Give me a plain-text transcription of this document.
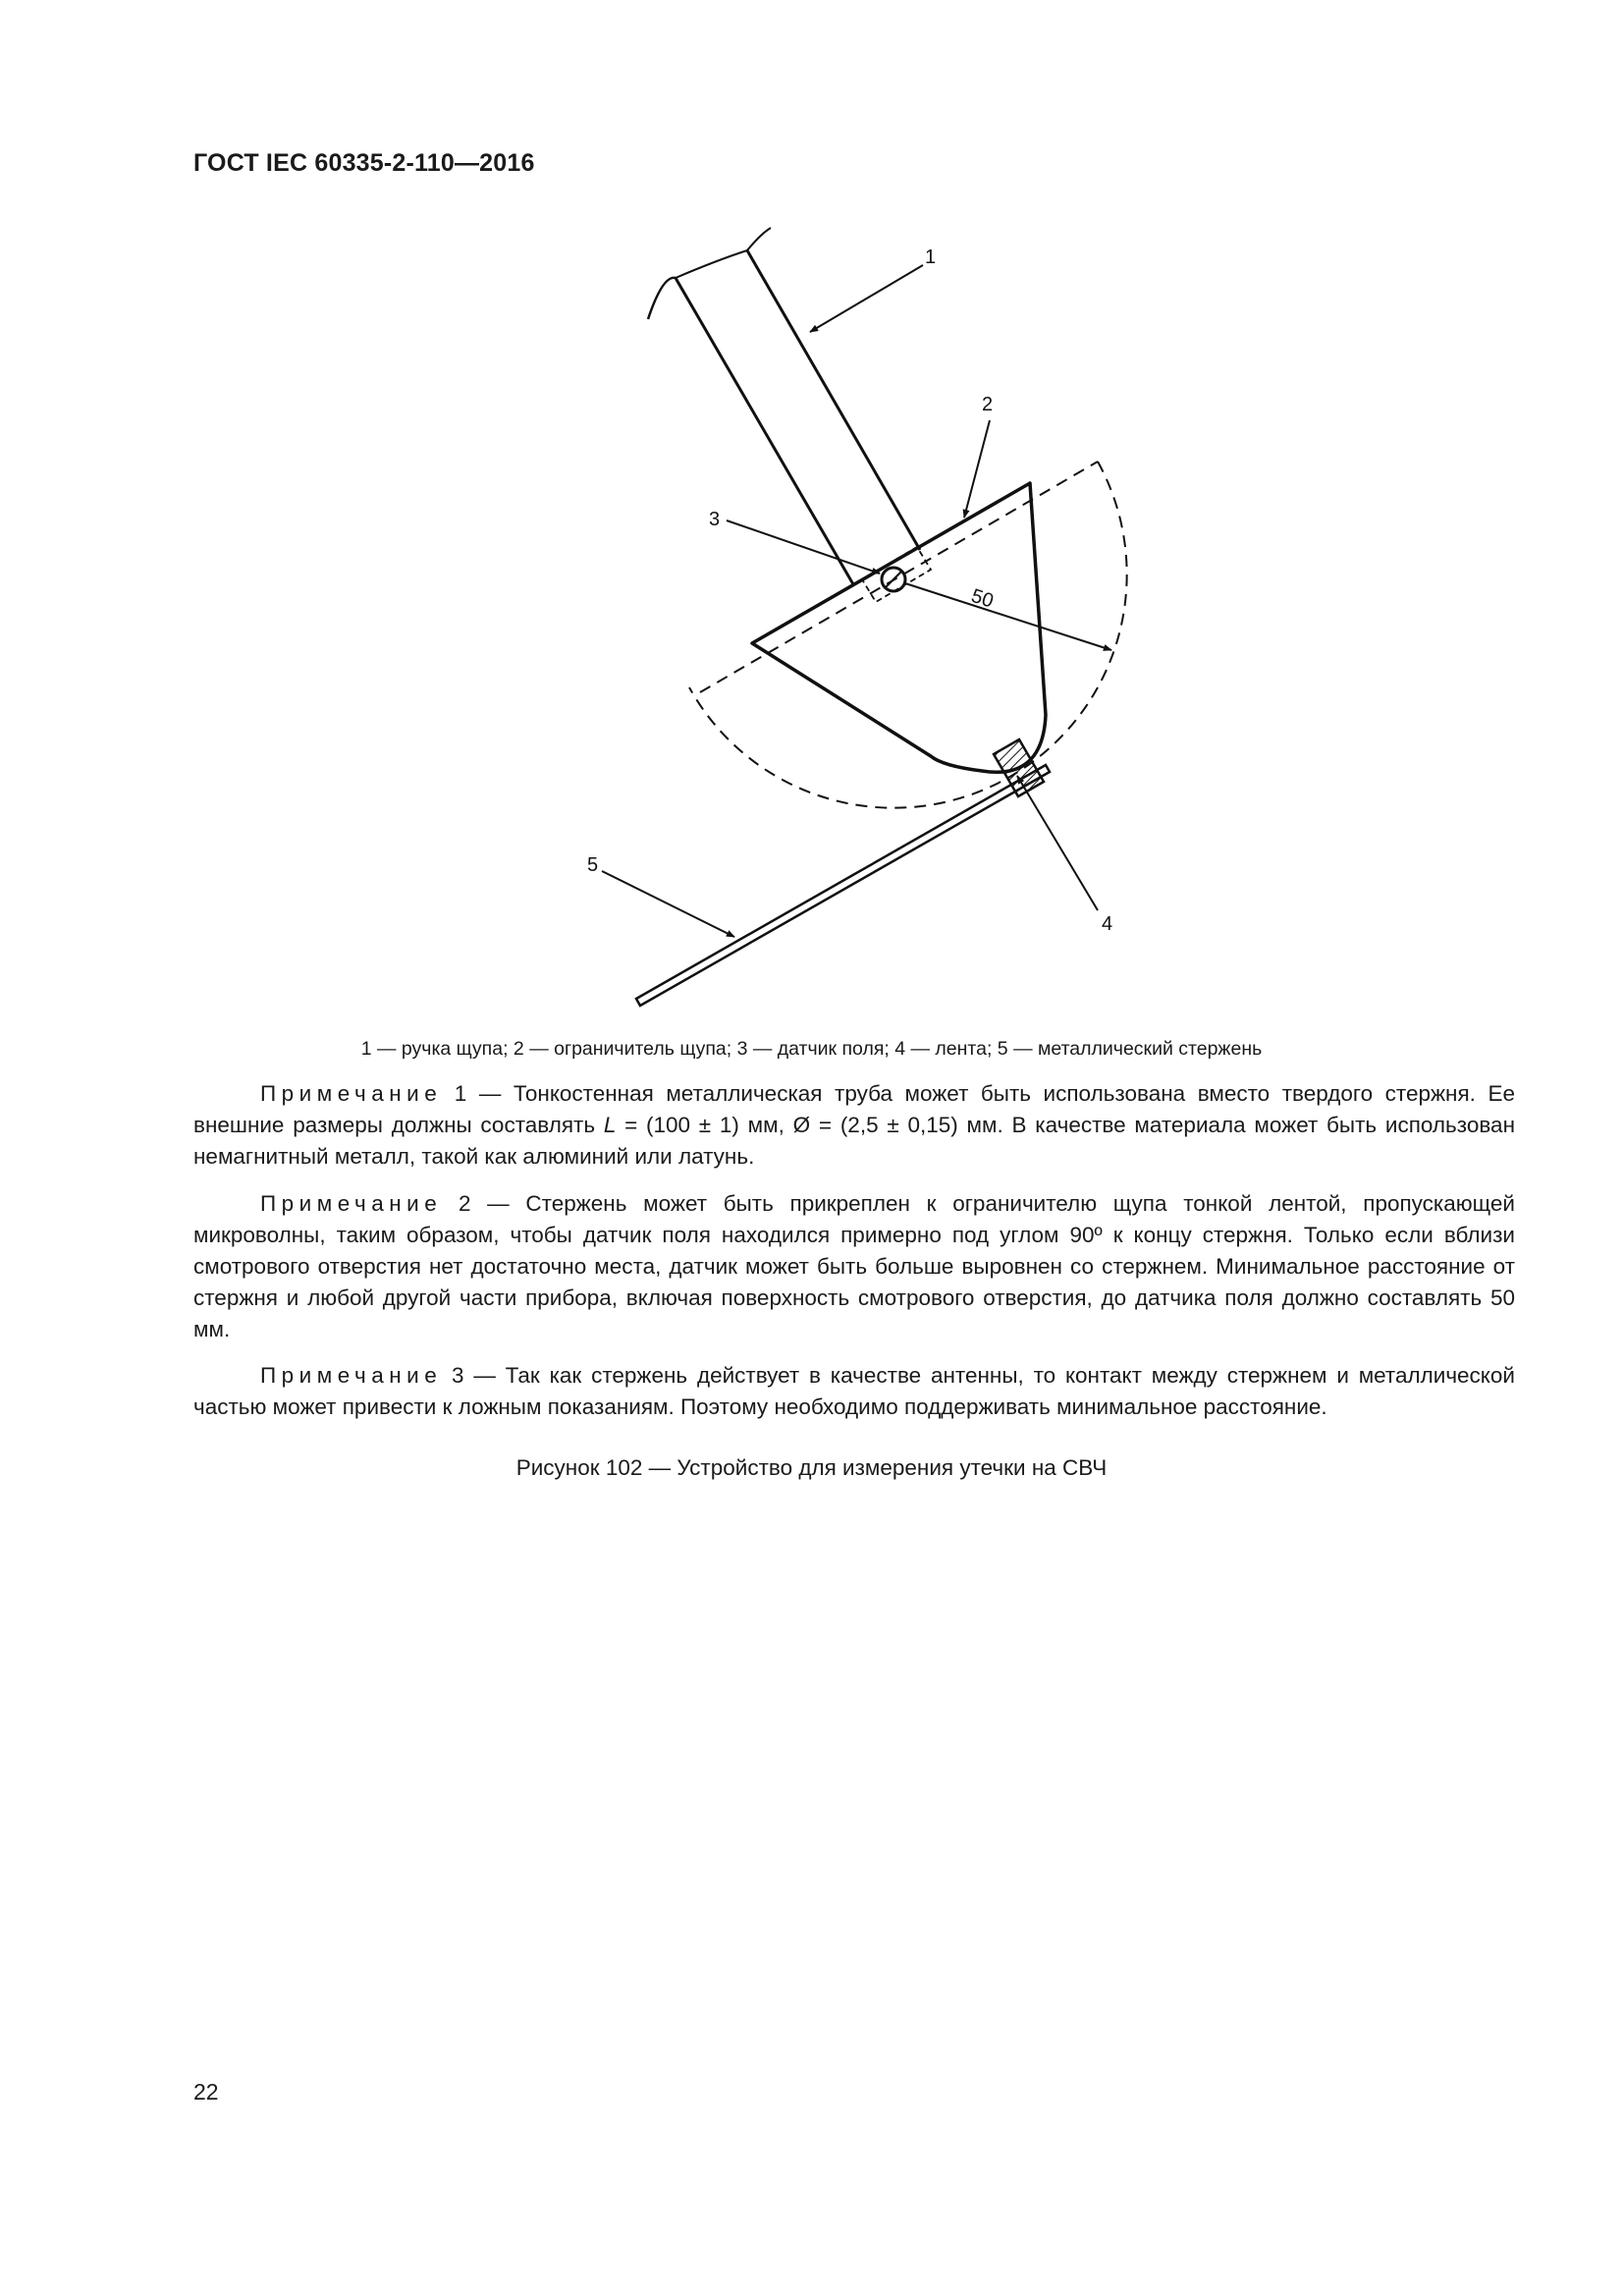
ГОСТ IEC 60335-2-110—2016
50
1
2
3
4
5
1 — ручка щупа; 2 — ограничитель щупа; 3 — датчик поля; 4 — лента; 5 — металлический стержень
Примечание 1 — Тонкостенная металлическая труба может быть использована вместо твердого стержня. Ее внешние размеры должны составлять L = (100 ± 1) мм, Ø = (2,5 ± 0,15) мм. В качестве материала может быть использован немагнитный металл, такой как алюминий или латунь.
Примечание 2 — Стержень может быть прикреплен к ограничителю щупа тонкой лентой, пропускающей микроволны, таким образом, чтобы датчик поля находился примерно под углом 90º к концу стержня. Только если вблизи смотрового отверстия нет достаточно места, датчик может быть больше выровнен со стержнем. Минимальное расстояние от стержня и любой другой части прибора, включая поверхность смотрового отверстия, до датчика поля должно составлять 50 мм.
Примечание 3 — Так как стержень действует в качестве антенны, то контакт между стержнем и металлической частью может привести к ложным показаниям. Поэтому необходимо поддерживать минимальное расстояние.
Рисунок 102 — Устройство для измерения утечки на СВЧ
22
